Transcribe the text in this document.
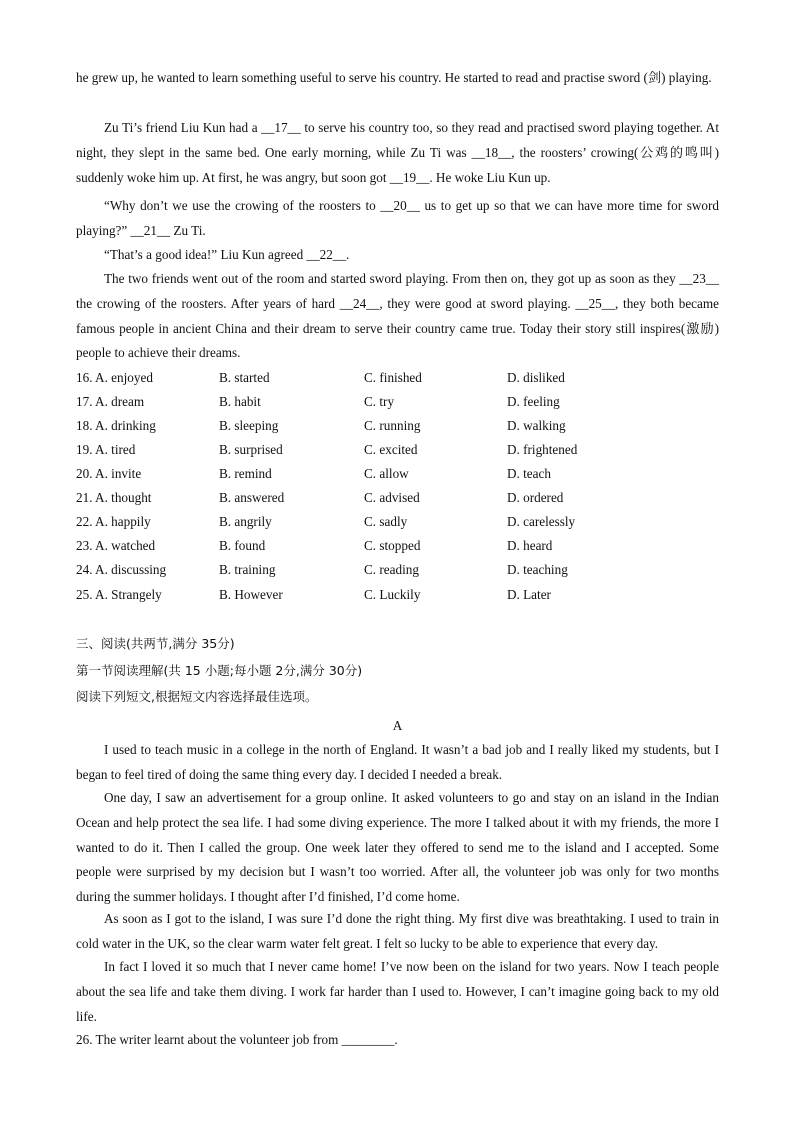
he grew up, he wanted to learn something useful to serve his country. He started to read and practise sword (剑) playing.

Zu Ti’s friend Liu Kun had a __17__ to serve his country too, so they read and practised sword playing together. At night, they slept in the same bed. One early morning, while Zu Ti was __18__, the roosters’ crowing(公鸡的鸣叫) suddenly woke him up. At first, he was angry, but soon got __19__. He woke Liu Kun up.

“Why don’t we use the crowing of the roosters to __20__ us to get up so that we can have more time for sword playing?” __21__ Zu Ti.

“That’s a good idea!” Liu Kun agreed __22__.

The two friends went out of the room and started sword playing. From then on, they got up as soon as they __23__ the crowing of the roosters. After years of hard __24__, they were good at sword playing. __25__, they both became famous people in ancient China and their dream to serve their country came true. Today their story still inspires(激励) people to achieve their dreams.

16. A. enjoyed	B. started	C. finished	D. disliked
17. A. dream	B. habit	C. try	D. feeling
18. A. drinking	B. sleeping	C. running	D. walking
19. A. tired	B. surprised	C. excited	D. frightened
20. A. invite	B. remind	C. allow	D. teach
21. A. thought	B. answered	C. advised	D. ordered
22. A. happily	B. angrily	C. sadly	D. carelessly
23. A. watched	B. found	C. stopped	D. heard
24. A. discussing	B. training	C. reading	D. teaching
25. A. Strangely	B. However	C. Luckily	D. Later
三、阅读(共两节,满分 35分)
第一节阅读理解(共 15 小题;每小题 2分,满分 30分)
阅读下列短文,根据短文内容选择最佳选项。
A

I used to teach music in a college in the north of England. It wasn’t a bad job and I really liked my students, but I began to feel tired of doing the same thing every day. I decided I needed a break.

One day, I saw an advertisement for a group online. It asked volunteers to go and stay on an island in the Indian Ocean and help protect the sea life. I had some diving experience. The more I talked about it with my friends, the more I wanted to do it. Then I called the group. One week later they offered to send me to the island and I accepted. Some people were surprised by my decision but I wasn’t too worried. After all, the volunteer job was only for two months during the summer holidays. I thought after I’d finished, I’d come home.

As soon as I got to the island, I was sure I’d done the right thing. My first dive was breathtaking. I used to train in cold water in the UK, so the clear warm water felt great. I felt so lucky to be able to experience that every day.

In fact I loved it so much that I never came home! I’ve now been on the island for two years. Now I teach people about the sea life and take them diving. I work far harder than I used to. However, I can’t imagine going back to my old life.

26. The writer learnt about the volunteer job from ________.
